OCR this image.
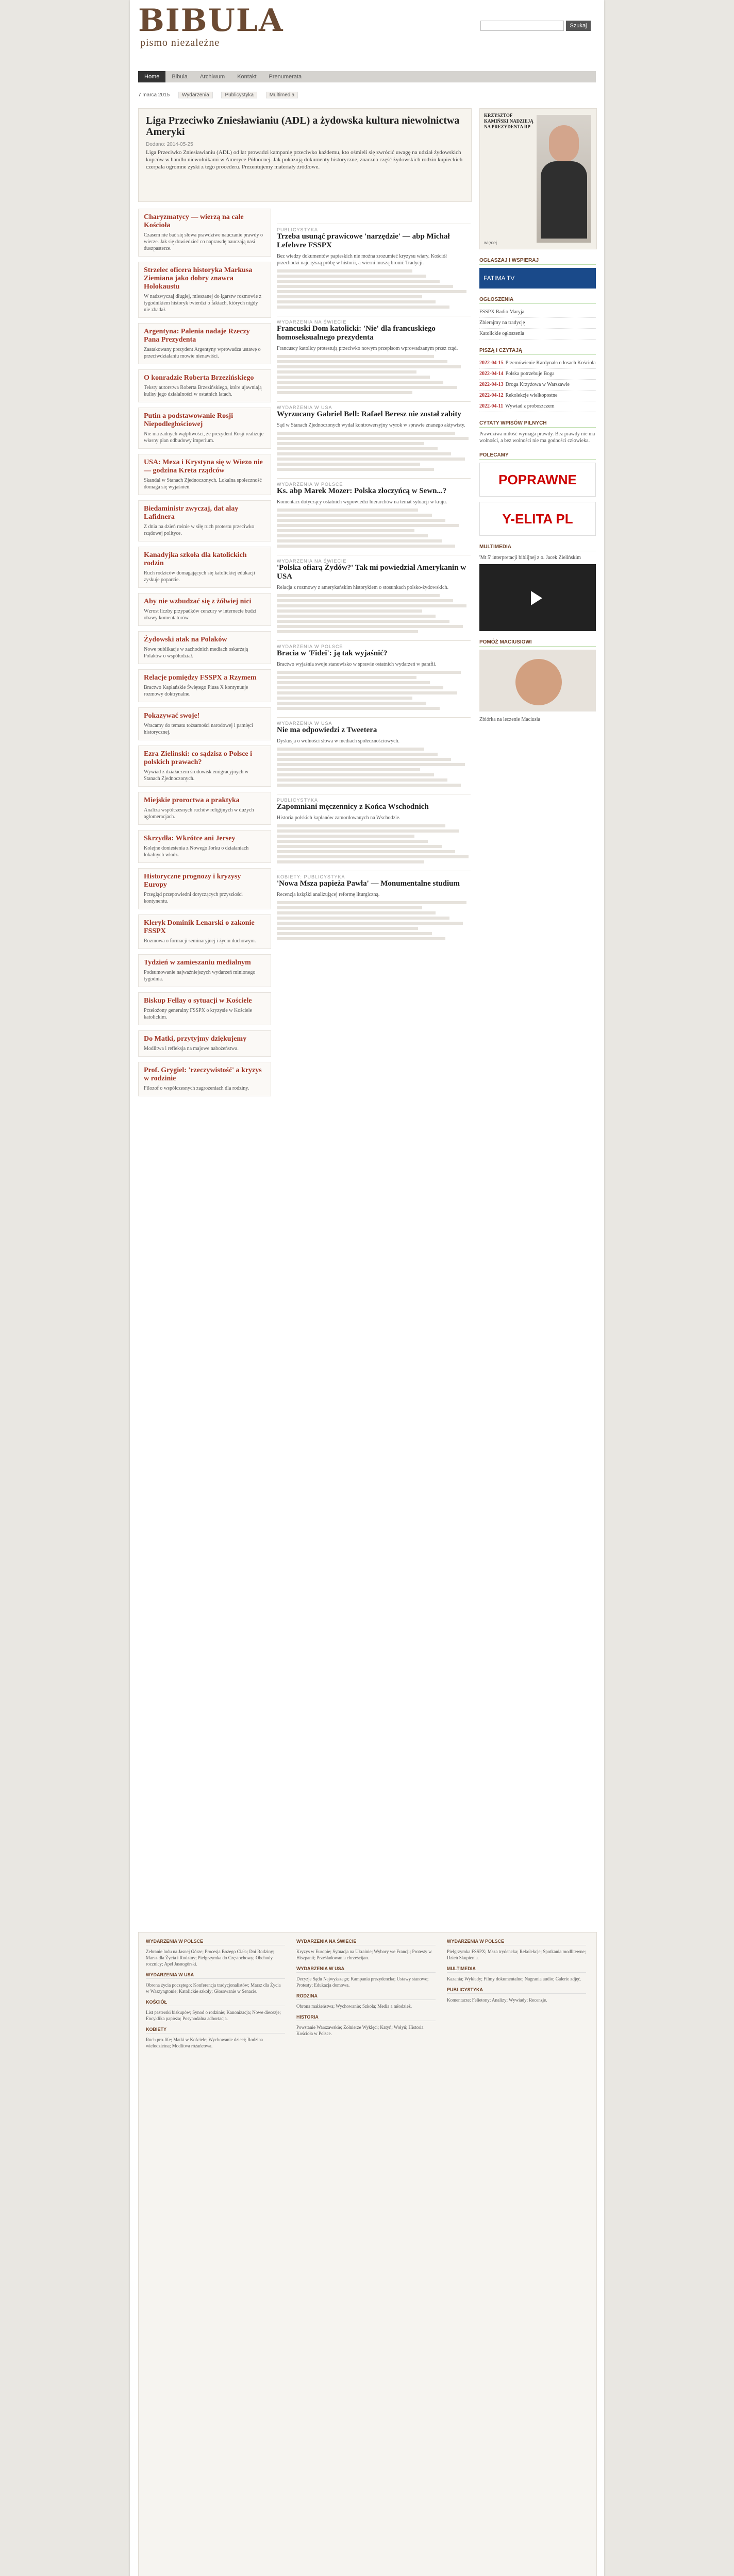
BIBULA
pismo niezależne
Szukaj
Home Bibula Archiwum Kontakt Prenumerata
7 marca 2015 Wydarzenia	Publicystyka	Multimedia
Liga Przeciwko Zniesławianiu (ADL) a żydowska kultura niewolnictwa Ameryki
Dodano: 2014-05-25

Liga Przeciwko Zniesławianiu (ADL) od lat prowadzi kampanię przeciwko każdemu, kto ośmieli się zwrócić uwagę na udział żydowskich kupców w handlu niewolnikami w Ameryce Północnej. Jak pokazują dokumenty historyczne, znaczna część żydowskich rodzin kupieckich czerpała ogromne zyski z tego procederu. Prezentujemy materiały źródłowe.

KRZYSZTOF KAMIŃSKI NADZIEJĄ NA PREZYDENTA RP
więcej
Charyzmatycy — wierzą na całe Kościoła

Czasem nie bać się słowa prawdziwe nauczanie prawdy o wierze. Jak się dowiedzieć co naprawdę nauczają nasi duszpasterze.

Strzelec oficera historyka Markusa Ziemiana jako dobry znawca Holokaustu

W nadzwyczaj długiej, mieszanej do łgarstw rozmowie z tygodnikiem historyk twierdzi o faktach, których nigdy nie zbadał.

Argentyna: Palenia nadaje Rzeczy Pana Prezydenta

Zaatakowany prezydent Argentyny wprowadza ustawę o przeciwdziałaniu mowie nienawiści.

O konradzie Roberta Brzezińskiego

Teksty autorstwa Roberta Brzezińskiego, które ujawniają kulisy jego działalności w ostatnich latach.

Putin a podstawowanie Rosji Niepodległościowej

Nie ma żadnych wątpliwości, że prezydent Rosji realizuje własny plan odbudowy imperium.

USA: Mexa i Krystyna się w Wiezo nie — godzina Kreta rządców

Skandal w Stanach Zjednoczonych. Lokalna społeczność domaga się wyjaśnień.

Biedaministr zwyczaj, dat alay Lafidnera

Z dnia na dzień rośnie w siłę ruch protestu przeciwko rządowej polityce.

Kanadyjka szkoła dla katolickich rodzin

Ruch rodziców domagających się katolickiej edukacji zyskuje poparcie.

Aby nie wzbudzać się z żółwiej nici

Wzrost liczby przypadków cenzury w internecie budzi obawy komentatorów.

Żydowski atak na Polaków

Nowe publikacje w zachodnich mediach oskarżają Polaków o współudział.

Relacje pomiędzy FSSPX a Rzymem

Bractwo Kapłańskie Świętego Piusa X kontynuuje rozmowy doktrynalne.

Pokazywać swoje!

Wracamy do tematu tożsamości narodowej i pamięci historycznej.

Ezra Zielinski: co sądzisz o Polsce i polskich prawach?

Wywiad z działaczem środowisk emigracyjnych w Stanach Zjednoczonych.

Miejskie proroctwa a praktyka

Analiza współczesnych ruchów religijnych w dużych aglomeracjach.

Skrzydła: Wkrótce ani Jersey

Kolejne doniesienia z Nowego Jorku o działaniach lokalnych władz.

Historyczne prognozy i kryzysy Europy

Przegląd przepowiedni dotyczących przyszłości kontynentu.

Kleryk Dominik Lenarski o zakonie FSSPX

Rozmowa o formacji seminaryjnej i życiu duchowym.

Tydzień w zamieszaniu medialnym

Podsumowanie najważniejszych wydarzeń minionego tygodnia.

Biskup Fellay o sytuacji w Kościele

Przełożony generalny FSSPX o kryzysie w Kościele katolickim.

Do Matki, przytyjmy dziękujemy

Modlitwa i refleksja na majowe nabożeństwa.

Prof. Grygiel: 'rzeczywistość' a kryzys w rodzinie

Filozof o współczesnych zagrożeniach dla rodziny.

PUBLICYSTYKA
Trzeba usunąć prawicowe 'narzędzie' — abp Michał Lefebvre FSSPX

Bez wiedzy dokumentów papieskich nie można zrozumieć kryzysu wiary. Kościół przechodzi najcięższą próbę w historii, a wierni muszą bronić Tradycji.

WYDARZENIA NA ŚWIECIE
Francuski Dom katolicki: 'Nie' dla francuskiego homoseksualnego prezydenta

Francuscy katolicy protestują przeciwko nowym przepisom wprowadzanym przez rząd.

WYDARZENIA W USA
Wyrzucany Gabriel Bell: Rafael Beresz nie został zabity

Sąd w Stanach Zjednoczonych wydał kontrowersyjny wyrok w sprawie znanego aktywisty.

WYDARZENIA W POLSCE
Ks. abp Marek Mozer: Polska złoczyńcą w Sewn...?

Komentarz dotyczący ostatnich wypowiedzi hierarchów na temat sytuacji w kraju.

WYDARZENIA NA ŚWIECIE
'Polska ofiarą Żydów?' Tak mi powiedział Amerykanin w USA

Relacja z rozmowy z amerykańskim historykiem o stosunkach polsko-żydowskich.

WYDARZENIA W POLSCE
Bracia w 'Fidei': ją tak wyjaśnić?

Bractwo wyjaśnia swoje stanowisko w sprawie ostatnich wydarzeń w parafii.

WYDARZENIA W USA
Nie ma odpowiedzi z Tweetera

Dyskusja o wolności słowa w mediach społecznościowych.

PUBLICYSTYKA
Zapomniani męczennicy z Końca Wschodnich

Historia polskich kapłanów zamordowanych na Wschodzie.

KOBIETY: PUBLICYSTYKA
'Nowa Msza papieża Pawła' — Monumentalne studium

Recenzja książki analizującej reformę liturgiczną.

OGŁASZAJ I WSPIERAJ
FATIMA TV
OGŁOSZENIA
FSSPX Radio Maryja
Zbierajmy na tradycję
Katolickie ogłoszenia
PISZĄ I CZYTAJĄ
2022-04-15 Przemówienie Kardynała o losach Kościoła
2022-04-14 Polska potrzebuje Boga
2022-04-13 Droga Krzyżowa w Warszawie
2022-04-12 Rekolekcje wielkopostne
2022-04-11 Wywiad z proboszczem
CYTATY WPISÓW PILNYCH

Prawdziwa miłość wymaga prawdy. Bez prawdy nie ma wolności, a bez wolności nie ma godności człowieka.

POLECAMY
POPRAWNE
Y-ELITA PL
MULTIMEDIA

'Mt 5' interpretacji biblijnej z o. Jacek Zielińskim

POMÓŻ MACIUSIOWI

Zbiórka na leczenie Maciusia

WYDARZENIA W POLSCE

Zebranie ludu na Jasnej Górze; Procesja Bożego Ciała; Dni Rodziny; Marsz dla Życia i Rodziny; Pielgrzymka do Częstochowy; Obchody rocznicy; Apel Jasnogórski.

WYDARZENIA W USA

Obrona życia poczętego; Konferencja tradycjonalistów; Marsz dla Życia w Waszyngtonie; Katolickie szkoły; Głosowanie w Senacie.

KOŚCIÓŁ

List pasterski biskupów; Synod o rodzinie; Kanonizacja; Nowe diecezje; Encyklika papieża; Posynodalna adhortacja.

KOBIETY

Ruch pro-life; Matki w Kościele; Wychowanie dzieci; Rodzina wielodzietna; Modlitwa różańcowa.

WYDARZENIA NA ŚWIECIE

Kryzys w Europie; Sytuacja na Ukrainie; Wybory we Francji; Protesty w Hiszpanii; Prześladowania chrześcijan.

WYDARZENIA W USA

Decyzje Sądu Najwyższego; Kampania prezydencka; Ustawy stanowe; Protesty; Edukacja domowa.

RODZINA

Obrona małżeństwa; Wychowanie; Szkoła; Media a młodzież.

HISTORIA

Powstanie Warszawskie; Żołnierze Wyklęci; Katyń; Wołyń; Historia Kościoła w Polsce.

WYDARZENIA W POLSCE

Pielgrzymka FSSPX; Msza trydencka; Rekolekcje; Spotkania modlitewne; Dzień Skupienia.

MULTIMEDIA

Kazania; Wykłady; Filmy dokumentalne; Nagrania audio; Galerie zdjęć.

PUBLICYSTYKA

Komentarze; Felietony; Analizy; Wywiady; Recenzje.
